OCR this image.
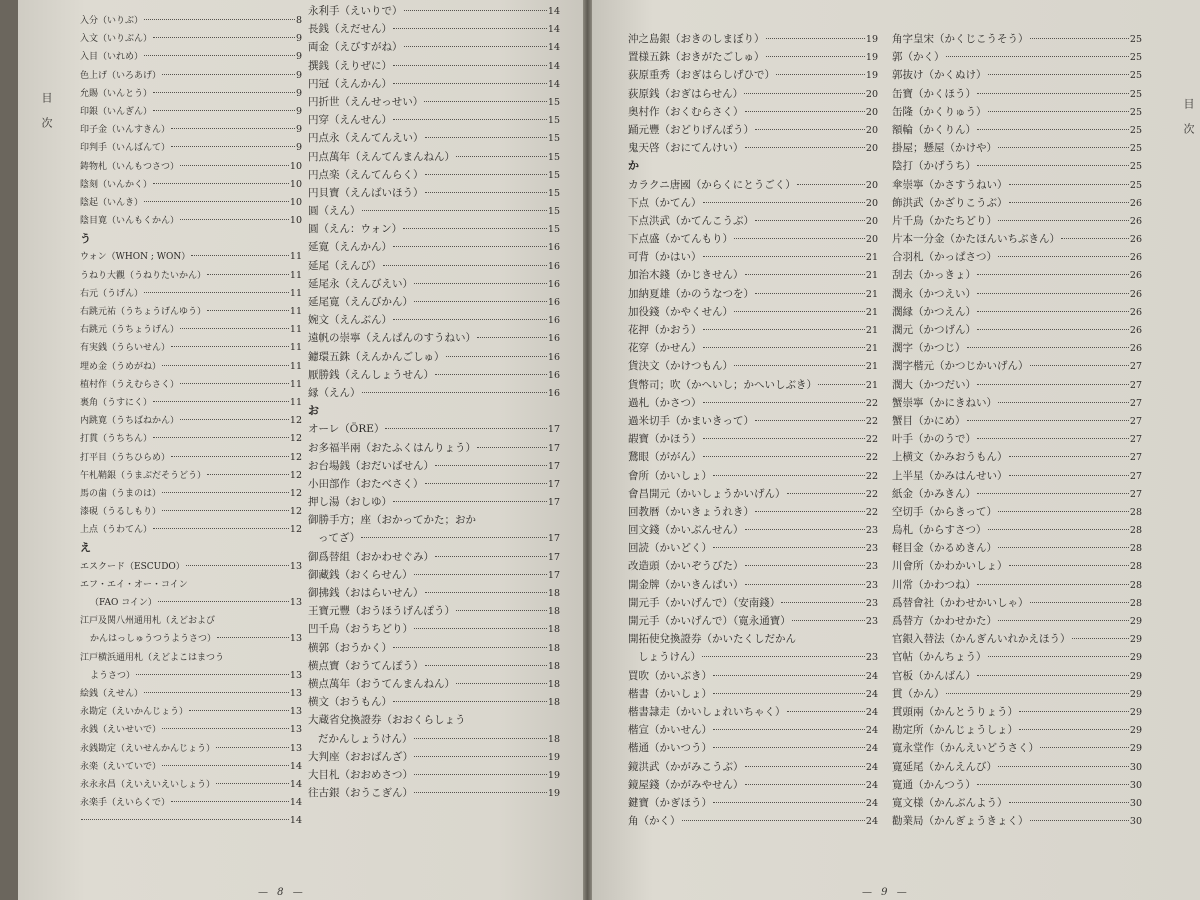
目次
入分（いりぶ）	8
入文（いりぶん）	9
入目（いれめ）	9
色上げ（いろあげ）	9
允賜（いんとう）	9
印銀（いんぎん）	9
印子金（いんすきん）	9
印判手（いんばんて）	9
鋳物札（いんもつさつ）	10
陰刻（いんかく）	10
陰起（いんき）	10
陰目寛（いんもくかん）	10
う
ウォン（WHON ; WON）	11
うねり大觀（うねりたいかん）	11
右元（うげん）	11
右跳元祐（うちょうげんゆう）	11
右跳元（うちょうげん）	11
有実銭（うらいせん）	11
埋め金（うめがね）	11
植村作（うえむらさく）	11
裏角（うすにく）	11
内跳寛（うちばねかん）	12
打貫（うちちん）	12
打平目（うちひらめ）	12
午札鞘銀（うまぶだそうどう）	12
馬の歯（うまのは）	12
漆硯（うるしもり）	12
上点（うわてん）	12
え
エスクード（ESCUDO）	13
エフ・エイ・オー・コイン
（FAO コイン）	13
江戸及関八州通用札（えどおよび
かんはっしゅうつうようさつ）	13
江戸横浜通用札（えどよこはまつう
ようさつ）	13
絵銭（えせん）	13
永勘定（えいかんじょう）	13
永銭（えいせいで）	13
永銭勘定（えいせんかんじょう）	13
永楽（えいていで）	14
永永永昌（えいえいえいしょう）	14
永楽手（えいらくで）	14
14
永利手（えいりで）	14
長銭（えだせん）	14
両金（えびすがね）	14
撰銭（えりぜに）	14
円冠（えんかん）	14
円折世（えんせっせい）	15
円穿（えんせん）	15
円点永（えんてんえい）	15
円点萬年（えんてんまんねん）	15
円点楽（えんてんらく）	15
円貝寶（えんばいほう）	15
圓（えん）	15
圓（えん：ウォン）	15
延寛（えんかん）	16
延尾（えんび）	16
延尾永（えんびえい）	16
延尾寛（えんびかん）	16
婉文（えんぶん）	16
遠帆の崇寧（えんぱんのすうねい）	16
鑢環五銖（えんかんごしゅ）	16
厭勝銭（えんしょうせん）	16
縁（えん）	16
お
オーレ（ÖRE）	17
お多福半兩（おたふくはんりょう）	17
お台場銭（おだいばせん）	17
小田部作（おたべさく）	17
押し湯（おしゆ）	17
御勝手方；座（おかってかた；おか
ってざ）	17
御爲替組（おかわせぐみ）	17
御藏銭（おくらせん）	17
御拂銭（おはらいせん）	18
王寶元豐（おうほうげんぽう）	18
凹千鳥（おうちどり）	18
横郭（おうかく）	18
横点寶（おうてんぽう）	18
横点萬年（おうてんまんねん）	18
横文（おうもん）	18
大蔵省兌換證券（おおくらしょう
だかんしょうけん）	18
大判座（おおばんざ）	19
大目札（おおめさつ）	19
往古銀（おうこぎん）	19
— 8 —
目次
沖之島銀（おきのしまぼり）	19
置様五銖（おきがたごしゅ）	19
荻原重秀（おぎはらしげひで）	19
荻原銭（おぎはらせん）	20
奥村作（おくむらさく）	20
踊元豐（おどりげんぽう）	20
鬼天啓（おにてんけい）	20
か
カラクニ唐國（からくにとうごく）	20
下点（かてん）	20
下点洪武（かてんこうぶ）	20
下点盛（かてんもり）	20
可背（かはい）	21
加治木錢（かじきせん）	21
加納夏雄（かのうなつを）	21
加役錢（かやくせん）	21
花押（かおう）	21
花穿（かせん）	21
貨決文（かけつもん）	21
貨幣司；吹（かへいし；かへいしぶき）	21
過札（かさつ）	22
過米切手（かまいきって）	22
嘏寶（かほう）	22
鵞眼（ががん）	22
會所（かいしょ）	22
會昌開元（かいしょうかいげん）	22
回教暦（かいきょうれき）	22
回文錢（かいぶんせん）	23
回読（かいどく）	23
改造頭（かいぞうびた）	23
開金牌（かいきんぱい）	23
開元手（かいげんで）（安南錢）	23
開元手（かいげんで）（寛永通寶）	23
開拓使兌換證券（かいたくしだかん
しょうけん）	23
買吹（かいぶき）	24
楷書（かいしょ）	24
楷書隷走（かいしょれいちゃく）	24
楷宣（かいせん）	24
楷通（かいつう）	24
鏡洪武（かがみこうぶ）	24
鏡屋錢（かがみやせん）	24
鍵寶（かぎほう）	24
角（かく）	24
角字皇宋（かくじこうそう）	25
郭（かく）	25
郭抜け（かくぬけ）	25
缶寶（かくほう）	25
缶隆（かくりゅう）	25
額輪（かくりん）	25
掛屋；懸屋（かけや）	25
陰打（かげうち）	25
傘崇寧（かさすうねい）	25
飾洪武（かざりこうぶ）	26
片千鳥（かたちどり）	26
片本一分金（かたほんいちぶきん）	26
合羽札（かっぱさつ）	26
刮去（かっきょ）	26
濶永（かつえい）	26
濶縁（かつえん）	26
濶元（かつげん）	26
濶字（かつじ）	26
濶字楷元（かつじかいげん）	27
濶大（かつだい）	27
蟹崇寧（かにきねい）	27
蟹目（かにめ）	27
叶手（かのうで）	27
上横文（かみおうもん）	27
上半星（かみはんせい）	27
紙金（かみきん）	27
空切手（からきって）	28
烏札（からすさつ）	28
軽目金（かるめきん）	28
川會所（かわかいしょ）	28
川常（かわつね）	28
爲替會社（かわせかいしゃ）	28
爲替方（かわせかた）	29
官銀入替法（かんぎんいれかえほう）	29
官帖（かんちょう）	29
官板（かんばん）	29
貫（かん）	29
貫頭兩（かんとうりょう）	29
勘定所（かんじょうしょ）	29
寛永堂作（かんえいどうさく）	29
寛延尾（かんえんび）	30
寛通（かんつう）	30
寛文様（かんぶんよう）	30
勸業局（かんぎょうきょく）	30
— 9 —
